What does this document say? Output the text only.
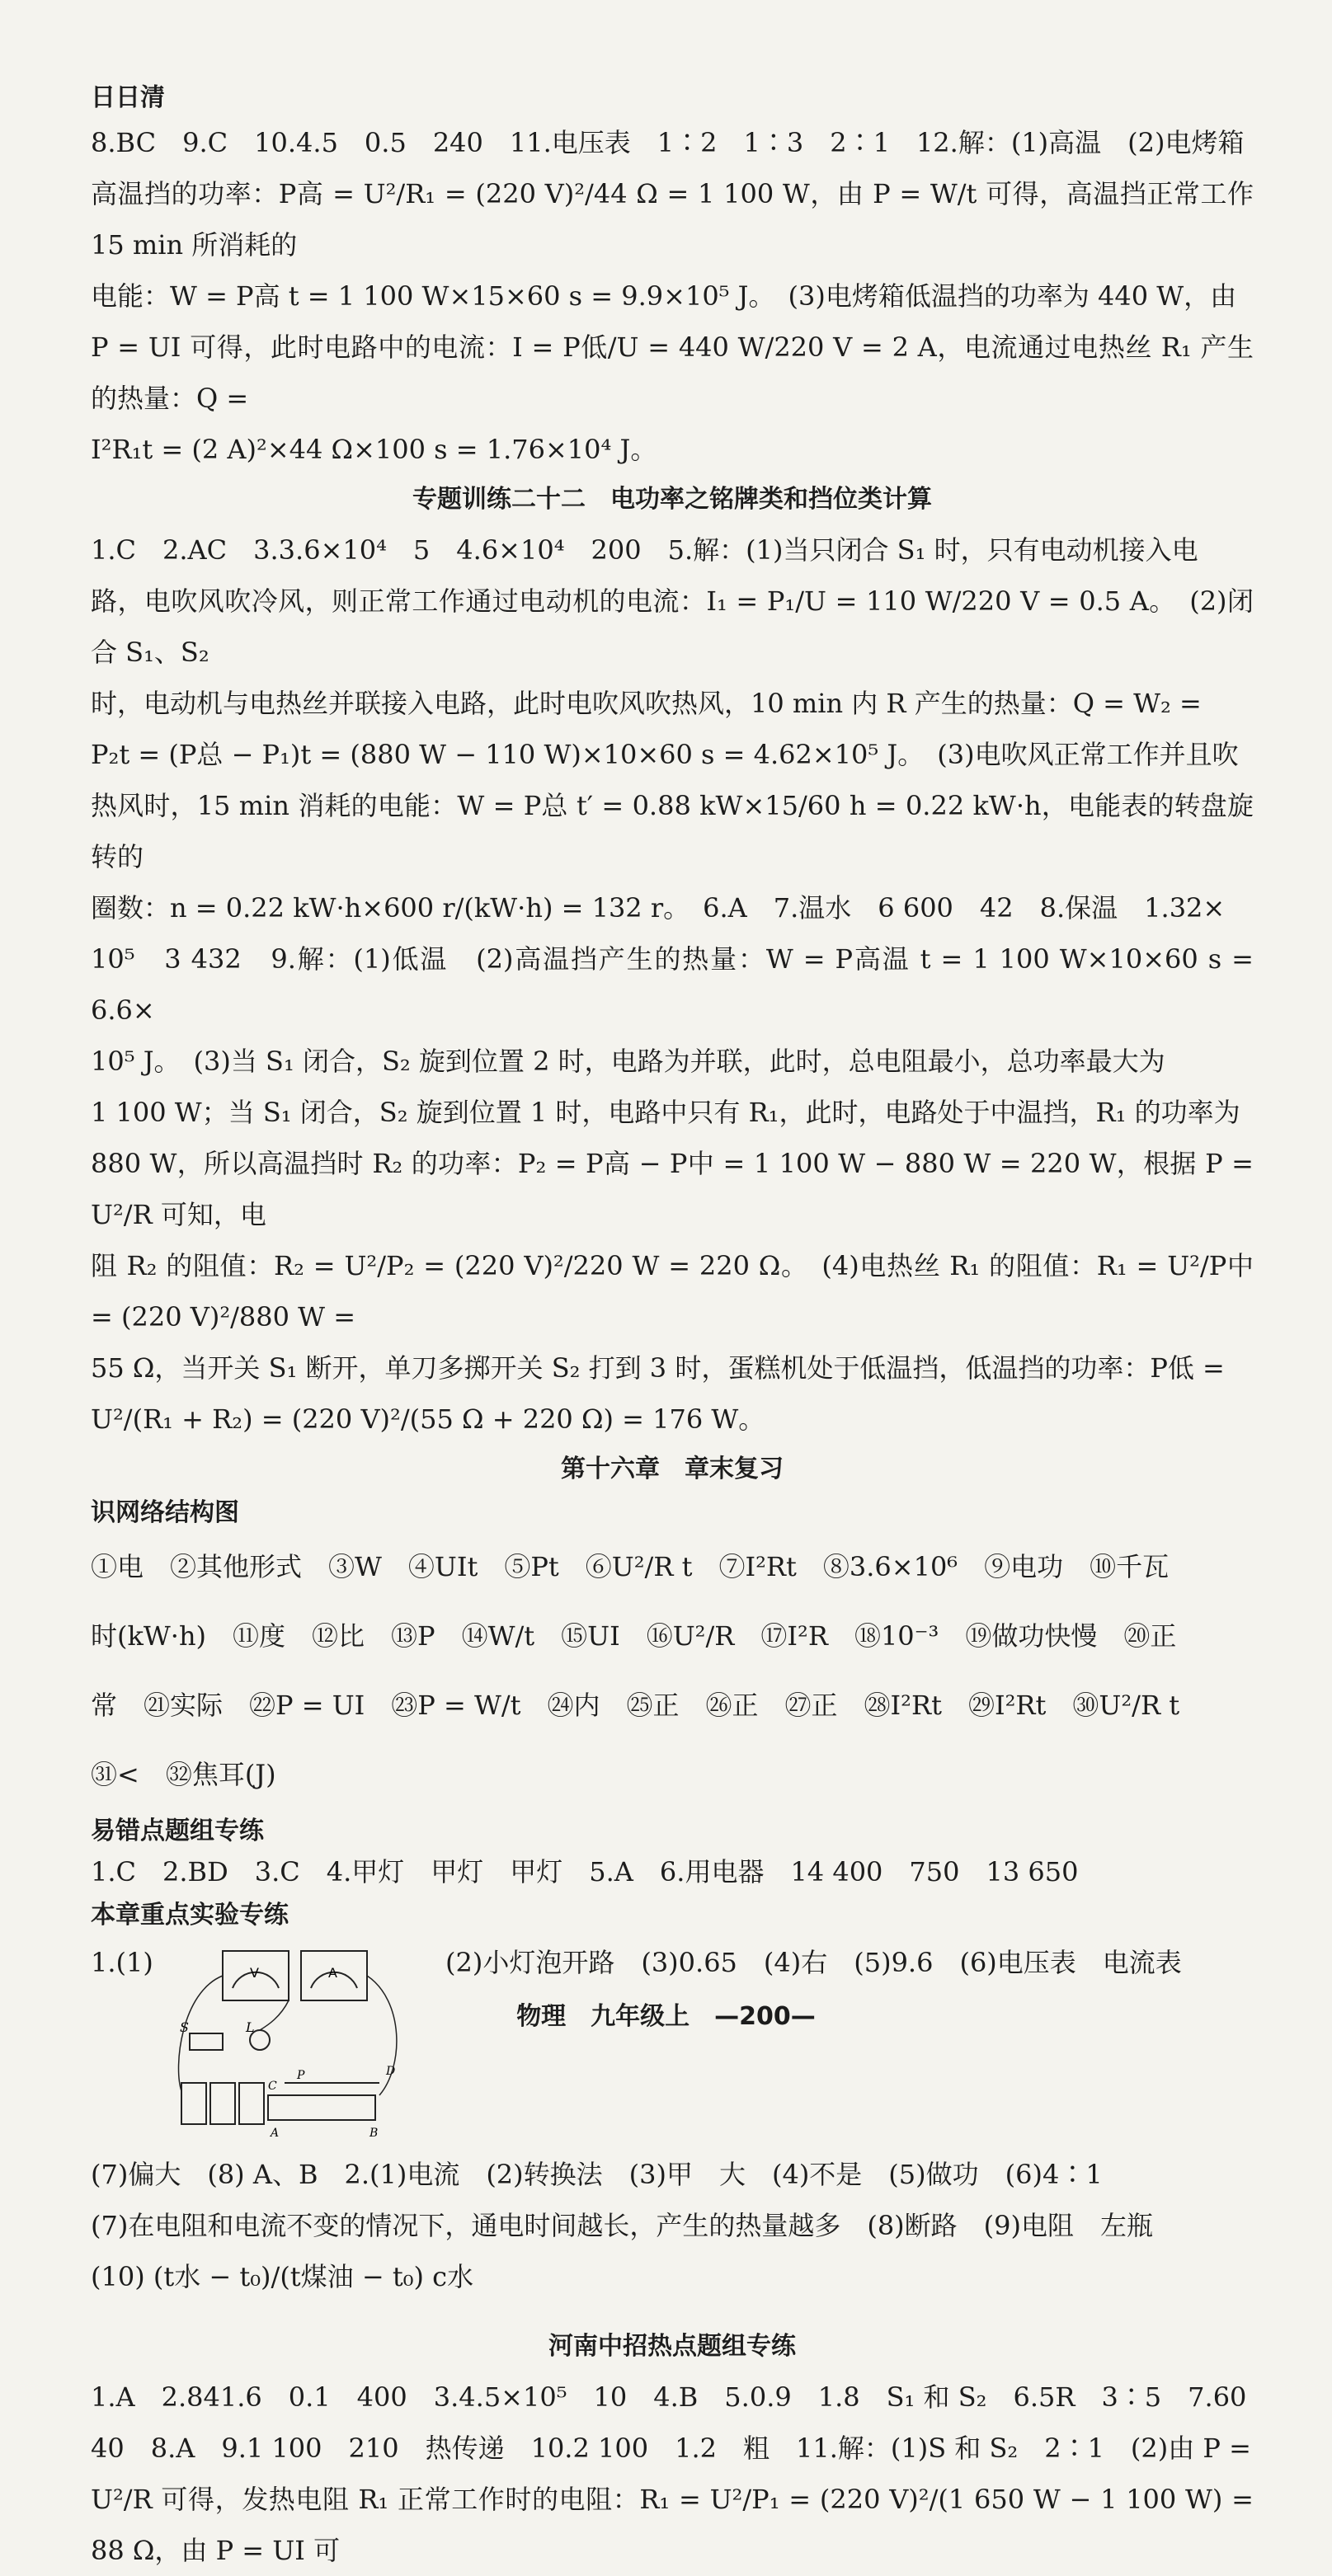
日日清

8.BC　9.C　10.4.5　0.5　240　11.电压表　1∶2　1∶3　2∶1　12.解：(1)高温　(2)电烤箱

高温挡的功率：P高 = U²/R₁ = (220 V)²/44 Ω = 1 100 W，由 P = W/t 可得，高温挡正常工作 15 min 所消耗的

电能：W = P高 t = 1 100 W×15×60 s = 9.9×10⁵ J。　(3)电烤箱低温挡的功率为 440 W，由

P = UI 可得，此时电路中的电流：I = P低/U = 440 W/220 V = 2 A，电流通过电热丝 R₁ 产生的热量：Q =

I²R₁t = (2 A)²×44 Ω×100 s = 1.76×10⁴ J。

专题训练二十二　电功率之铭牌类和挡位类计算

1.C　2.AC　3.3.6×10⁴　5　4.6×10⁴　200　5.解：(1)当只闭合 S₁ 时，只有电动机接入电

路，电吹风吹冷风，则正常工作通过电动机的电流：I₁ = P₁/U = 110 W/220 V = 0.5 A。　(2)闭合 S₁、S₂

时，电动机与电热丝并联接入电路，此时电吹风吹热风，10 min 内 R 产生的热量：Q = W₂ =

P₂t = (P总 − P₁)t = (880 W − 110 W)×10×60 s = 4.62×10⁵ J。　(3)电吹风正常工作并且吹

热风时，15 min 消耗的电能：W = P总 t′ = 0.88 kW×15/60 h = 0.22 kW·h，电能表的转盘旋转的

圈数：n = 0.22 kW·h×600 r/(kW·h) = 132 r。　6.A　7.温水　6 600　42　8.保温　1.32×

10⁵　3 432　9.解：(1)低温　(2)高温挡产生的热量：W = P高温 t = 1 100 W×10×60 s = 6.6×

10⁵ J。　(3)当 S₁ 闭合，S₂ 旋到位置 2 时，电路为并联，此时，总电阻最小，总功率最大为

1 100 W；当 S₁ 闭合，S₂ 旋到位置 1 时，电路中只有 R₁，此时，电路处于中温挡，R₁ 的功率为

880 W，所以高温挡时 R₂ 的功率：P₂ = P高 − P中 = 1 100 W − 880 W = 220 W，根据 P = U²/R 可知，电

阻 R₂ 的阻值：R₂ = U²/P₂ = (220 V)²/220 W = 220 Ω。　(4)电热丝 R₁ 的阻值：R₁ = U²/P中 = (220 V)²/880 W =

55 Ω，当开关 S₁ 断开，单刀多掷开关 S₂ 打到 3 时，蛋糕机处于低温挡，低温挡的功率：P低 =

U²/(R₁ + R₂) = (220 V)²/(55 Ω + 220 Ω) = 176 W。

第十六章　章末复习
识网络结构图

①电　②其他形式　③W　④UIt　⑤Pt　⑥U²/R t　⑦I²Rt　⑧3.6×10⁶　⑨电功　⑩千瓦

时(kW·h)　⑪度　⑫比　⑬P　⑭W/t　⑮UI　⑯U²/R　⑰I²R　⑱10⁻³　⑲做功快慢　⑳正

常　㉑实际　㉒P = UI　㉓P = W/t　㉔内　㉕正　㉖正　㉗正　㉘I²Rt　㉙I²Rt　㉚U²/R t

㉛<　㉜焦耳(J)

易错点题组专练
1.C　2.BD　3.C　4.甲灯　甲灯　甲灯　5.A　6.用电器　14 400　750　13 650
本章重点实验专练
1.(1)	V	A
S	L
C
P	D
A	B
(2)小灯泡开路　(3)0.65　(4)右　(5)9.6　(6)电压表　电流表

(7)偏大　(8) A、B　2.(1)电流　(2)转换法　(3)甲　大　(4)不是　(5)做功　(6)4∶1

(7)在电阻和电流不变的情况下，通电时间越长，产生的热量越多　(8)断路　(9)电阻　左瓶

(10) (t水 − t₀)/(t煤油 − t₀) c水

河南中招热点题组专练

1.A　2.841.6　0.1　400　3.4.5×10⁵　10　4.B　5.0.9　1.8　S₁ 和 S₂　6.5R　3∶5　7.60

40　8.A　9.1 100　210　热传递　10.2 100　1.2　粗　11.解：(1)S 和 S₂　2∶1　(2)由 P =

U²/R 可得，发热电阻 R₁ 正常工作时的电阻：R₁ = U²/P₁ = (220 V)²/(1 650 W − 1 100 W) = 88 Ω，由 P = UI 可

物理　九年级上　—200—
